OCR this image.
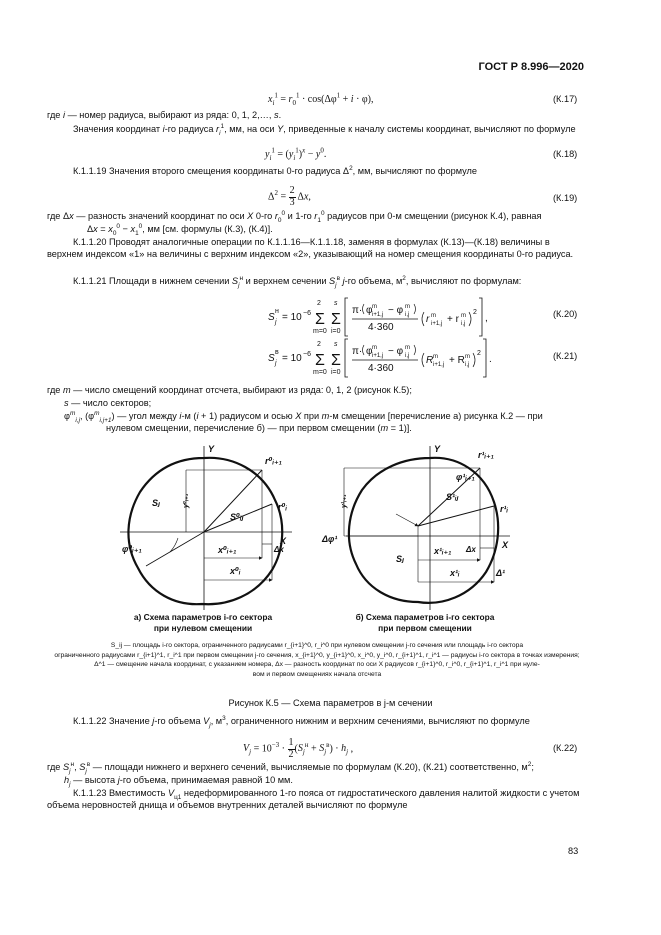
ГОСТ Р 8.996—2020
$x_i^1 = r_0^1 \cdot \cos(\Delta\varphi^1 + i \cdot \varphi)$,	(К.17)
где i — номер радиуса, выбирают из ряда: 0, 1, 2,…, s.
Значения координат i-го радиуса $r_i^1$, мм, на оси Y, приведенные к началу системы координат, вычисляют по формуле
$y_i^1 = (y_i^1)^x - y^0$.	(К.18)
К.1.1.19 Значения второго смещения координаты 0-го радиуса $\Delta^2$, мм, вычисляют по формуле
$\Delta^2 = \frac{2}{3} \Delta x$,	(К.19)
где Δx — разность значений координат по оси X 0-го $r_0^0$ и 1-го $r_1^0$ радиусов при 0-м смещении (рисунок К.4), равная
$\Delta x = x_0^0 - x_1^0$, мм [см. формулы (К.3), (К.4)].
К.1.1.20 Проводят аналогичные операции по К.1.1.16—К.1.1.18, заменяя в формулах (К.13)—(К.18) величины в верхнем индексом «1» на величины с верхним индексом «2», указывающий на номер смещения координаты 0-го радиуса.
К.1.1.21 Площади в нижнем сечении $S_j^н$ и верхнем сечении $S_j^в$ j-го объема, $м^2$, вычисляют по формулам:
S j
н
= 10 −6 Σ
2
m=0
Σ
s
i=0
π· φ i+1,j
m − φ i,j
m
4·360
r i+1,j
m + r i,j
m 2
,	(К.20)
S j
в
= 10 −6 Σ
2
m=0
Σ
s
i=0
π· φ i+1,j
m − φ i,j
m
4·360
R i+1,j
m + R i,j
m 2
.	(К.21)
где m — число смещений координат отсчета, выбирают из ряда: 0, 1, 2 (рисунок К.5);
s — число секторов;
$\varphi^m_{i,j}$, $(\varphi^m_{i,j+1})$ — угол между i-м (i + 1) радиусом и осью X при m-м смещении [перечисление а) рисунка К.2 — при нулевом смещении, перечисление б) — при первом смещении (m = 1)].
Y
X
r⁰ᵢ₊₁
r⁰ᵢ
Sⱼ
S⁰ᵢⱼ
y⁰ᵢ₊₁
x⁰ᵢ₊₁
x⁰ᵢ
φ⁰ᵢ₊₁	Δx
Y
X
r¹ᵢ₊₁
r¹ᵢ
φ¹ᵢ₊₁
S¹ᵢⱼ
y¹ᵢ₊₁
Δφ¹
Sⱼ
x¹ᵢ₊₁
x¹ᵢ
Δx
Δ¹
а) Схема параметров i-го сектора
при нулевом смещении
б) Схема параметров i-го сектора
при первом смещении
S_ij — площадь i-го сектора, ограниченного радиусами r_{i+1}^0, r_i^0 при нулевом смещении j-го сечения или площадь i-го сектора
ограниченного радиусами r_{i+1}^1, r_i^1 при первом смещении j-го сечения, x_{i+1}^0, y_{i+1}^0, x_i^0, y_i^0, r_{i+1}^1, r_i^1 — радиусы i-го сектора в точках измерения;
Δ^1 — смещение начала координат, с указанием номера, Δx — разность координат по оси X радиусов r_{i+1}^0, r_i^0, r_{i+1}^1, r_i^1 при нуле-
вом и первом смещениях начала отсчета
Рисунок К.5 — Схема параметров в j-м сечении
К.1.1.22 Значение j-го объема $V_j$, $м^3$, ограниченного нижним и верхним сечениями, вычисляют по формуле
$V_j = 10^{-3} \cdot \frac{1}{2} (S_j^н + S_j^в) \cdot h_j$ ,	(К.22)
где $S_j^н$, $S_j^в$ — площади нижнего и верхнего сечений, вычисляемые по формулам (К.20), (К.21) соответственно, $м^2$;
$h_j$ — высота j-го объема, принимаемая равной 10 мм.
К.1.1.23 Вместимость $V_{ц1}$ недеформированного 1-го пояса от гидростатического давления налитой жидкости с учетом объема неровностей днища и объемов внутренних деталей вычисляют по формуле
83
